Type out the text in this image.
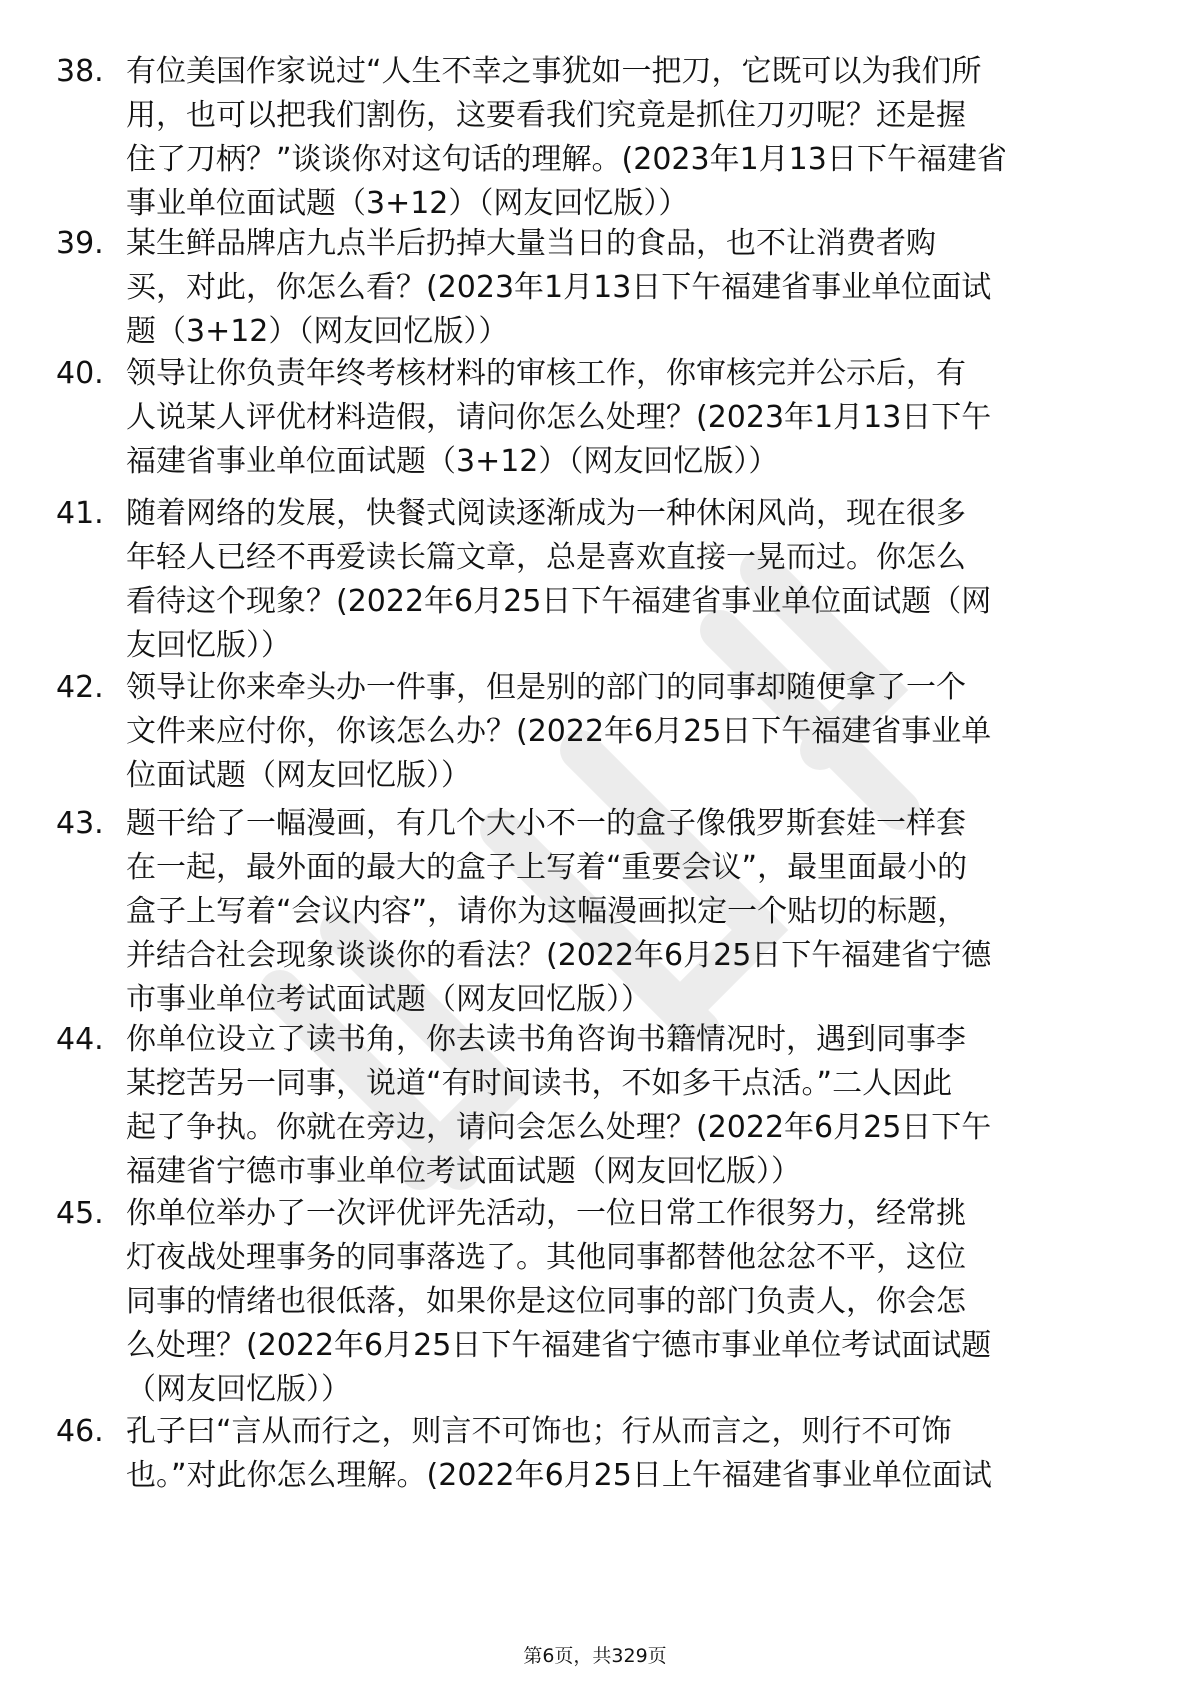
38. 有位美国作家说过“人生不幸之事犹如一把刀，它既可以为我们所
用，也可以把我们割伤，这要看我们究竟是抓住刀刃呢？还是握
住了刀柄？”谈谈你对这句话的理解。(2023年1月13日下午福建省
事业单位面试题（3+12）（网友回忆版））
39. 某生鲜品牌店九点半后扔掉大量当日的食品，也不让消费者购
买，对此，你怎么看？(2023年1月13日下午福建省事业单位面试
题（3+12）（网友回忆版））
40. 领导让你负责年终考核材料的审核工作，你审核完并公示后，有
人说某人评优材料造假，请问你怎么处理？(2023年1月13日下午
福建省事业单位面试题（3+12）（网友回忆版））
41. 随着网络的发展，快餐式阅读逐渐成为一种休闲风尚，现在很多
年轻人已经不再爱读长篇文章，总是喜欢直接一晃而过。你怎么
看待这个现象？(2022年6月25日下午福建省事业单位面试题（网
友回忆版））
42. 领导让你来牵头办一件事，但是别的部门的同事却随便拿了一个
文件来应付你，你该怎么办？(2022年6月25日下午福建省事业单
位面试题（网友回忆版））
43. 题干给了一幅漫画，有几个大小不一的盒子像俄罗斯套娃一样套
在一起，最外面的最大的盒子上写着“重要会议”，最里面最小的
盒子上写着“会议内容”，请你为这幅漫画拟定一个贴切的标题，
并结合社会现象谈谈你的看法？(2022年6月25日下午福建省宁德
市事业单位考试面试题（网友回忆版））
44. 你单位设立了读书角，你去读书角咨询书籍情况时，遇到同事李
某挖苦另一同事，说道“有时间读书，不如多干点活。”二人因此
起了争执。你就在旁边，请问会怎么处理？(2022年6月25日下午
福建省宁德市事业单位考试面试题（网友回忆版））
45. 你单位举办了一次评优评先活动，一位日常工作很努力，经常挑
灯夜战处理事务的同事落选了。其他同事都替他忿忿不平，这位
同事的情绪也很低落，如果你是这位同事的部门负责人，你会怎
么处理？(2022年6月25日下午福建省宁德市事业单位考试面试题
（网友回忆版））
46. 孔子曰“言从而行之，则言不可饰也；行从而言之，则行不可饰
也。”对此你怎么理解。(2022年6月25日上午福建省事业单位面试
第6页，共329页
